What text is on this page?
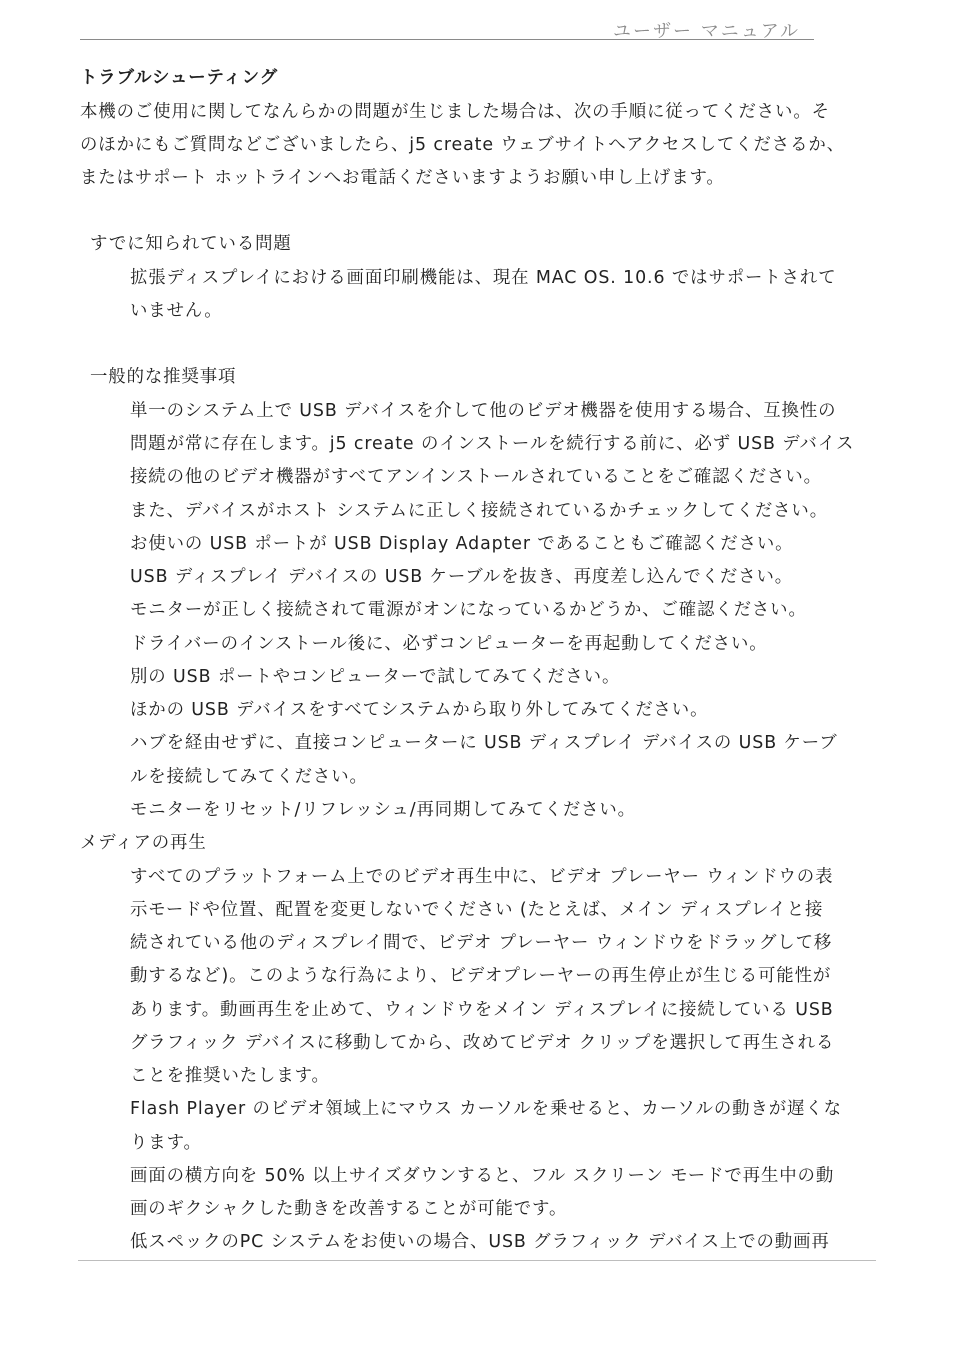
ユーザー マニュアル
トラブルシューティング
本機のご使用に関してなんらかの問題が生じました場合は、次の手順に従ってください。そ
のほかにもご質問などございましたら、j5 create ウェブサイトへアクセスしてくださるか、
またはサポート ホットラインへお電話くださいますようお願い申し上げます。
すでに知られている問題
拡張ディスプレイにおける画面印刷機能は、現在 MAC OS. 10.6 ではサポートされて
いません。
一般的な推奨事項
単一のシステム上で USB デバイスを介して他のビデオ機器を使用する場合、互換性の
問題が常に存在します。j5 create のインストールを続行する前に、必ず USB デバイス
接続の他のビデオ機器がすべてアンインストールされていることをご確認ください。
また、デバイスがホスト システムに正しく接続されているかチェックしてください。
お使いの USB ポートが USB Display Adapter であることもご確認ください。
USB ディスプレイ デバイスの USB ケーブルを抜き、再度差し込んでください。
モニターが正しく接続されて電源がオンになっているかどうか、ご確認ください。
ドライバーのインストール後に、必ずコンピューターを再起動してください。
別の USB ポートやコンピューターで試してみてください。
ほかの USB デバイスをすべてシステムから取り外してみてください。
ハブを経由せずに、直接コンピューターに USB ディスプレイ デバイスの USB ケーブ
ルを接続してみてください。
モニターをリセット/リフレッシュ/再同期してみてください。
メディアの再生
すべてのプラットフォーム上でのビデオ再生中に、ビデオ プレーヤー ウィンドウの表
示モードや位置、配置を変更しないでください (たとえば、メイン ディスプレイと接
続されている他のディスプレイ間で、ビデオ プレーヤー ウィンドウをドラッグして移
動するなど)。このような行為により、ビデオプレーヤーの再生停止が生じる可能性が
あります。動画再生を止めて、ウィンドウをメイン ディスプレイに接続している USB
グラフィック デバイスに移動してから、改めてビデオ クリップを選択して再生される
ことを推奨いたします。
Flash Player のビデオ領域上にマウス カーソルを乗せると、カーソルの動きが遅くな
ります。
画面の横方向を 50% 以上サイズダウンすると、フル スクリーン モードで再生中の動
画のギクシャクした動きを改善することが可能です。
低スペックのPC システムをお使いの場合、USB グラフィック デバイス上での動画再
